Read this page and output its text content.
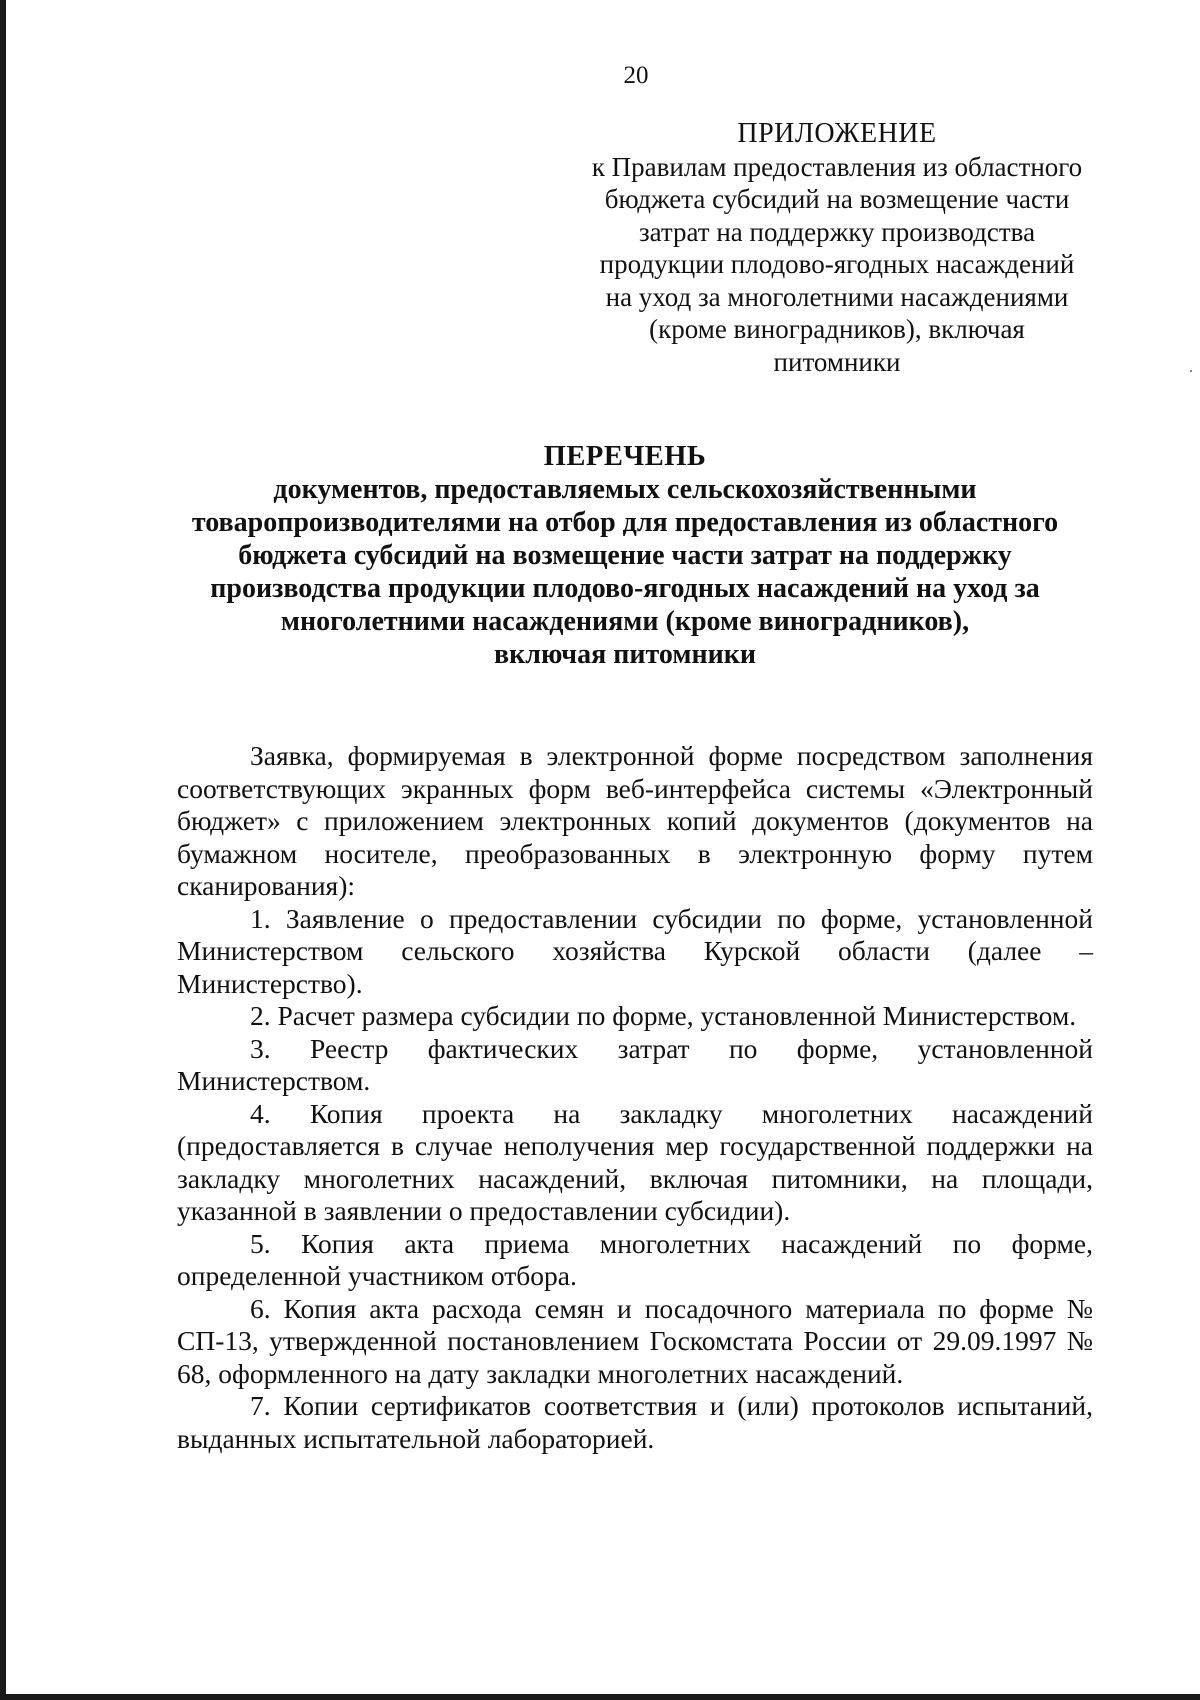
20
ПРИЛОЖЕНИЕ
к Правилам предоставления из областного
бюджета субсидий на возмещение части
затрат на поддержку производства
продукции плодово-ягодных насаждений
на уход за многолетними насаждениями
(кроме виноградников), включая
питомники
ПЕРЕЧЕНЬ
документов, предоставляемых сельскохозяйственными
товаропроизводителями на отбор для предоставления из областного
бюджета субсидий на возмещение части затрат на поддержку
производства продукции плодово-ягодных насаждений на уход за
многолетними насаждениями (кроме виноградников),
включая питомники

Заявка, формируемая в электронной форме посредством заполнения соответствующих экранных форм веб-интерфейса системы «Электронный бюджет» с приложением электронных копий документов (документов на бумажном носителе, преобразованных в электронную форму путем сканирования):

1. Заявление о предоставлении субсидии по форме, установленной Министерством сельского хозяйства Курской области (далее – Министерство).

2. Расчет размера субсидии по форме, установленной Министерством.

3. Реестр фактических затрат по форме, установленной Министерством.

4. Копия проекта на закладку многолетних насаждений (предоставляется в случае неполучения мер государственной поддержки на закладку многолетних насаждений, включая питомники, на площади, указанной в заявлении о предоставлении субсидии).

5. Копия акта приема многолетних насаждений по форме, определенной участником отбора.

6. Копия акта расхода семян и посадочного материала по форме № СП-13, утвержденной постановлением Госкомстата России от 29.09.1997 № 68, оформленного на дату закладки многолетних насаждений.

7. Копии сертификатов соответствия и (или) протоколов испытаний, выданных испытательной лабораторией.
